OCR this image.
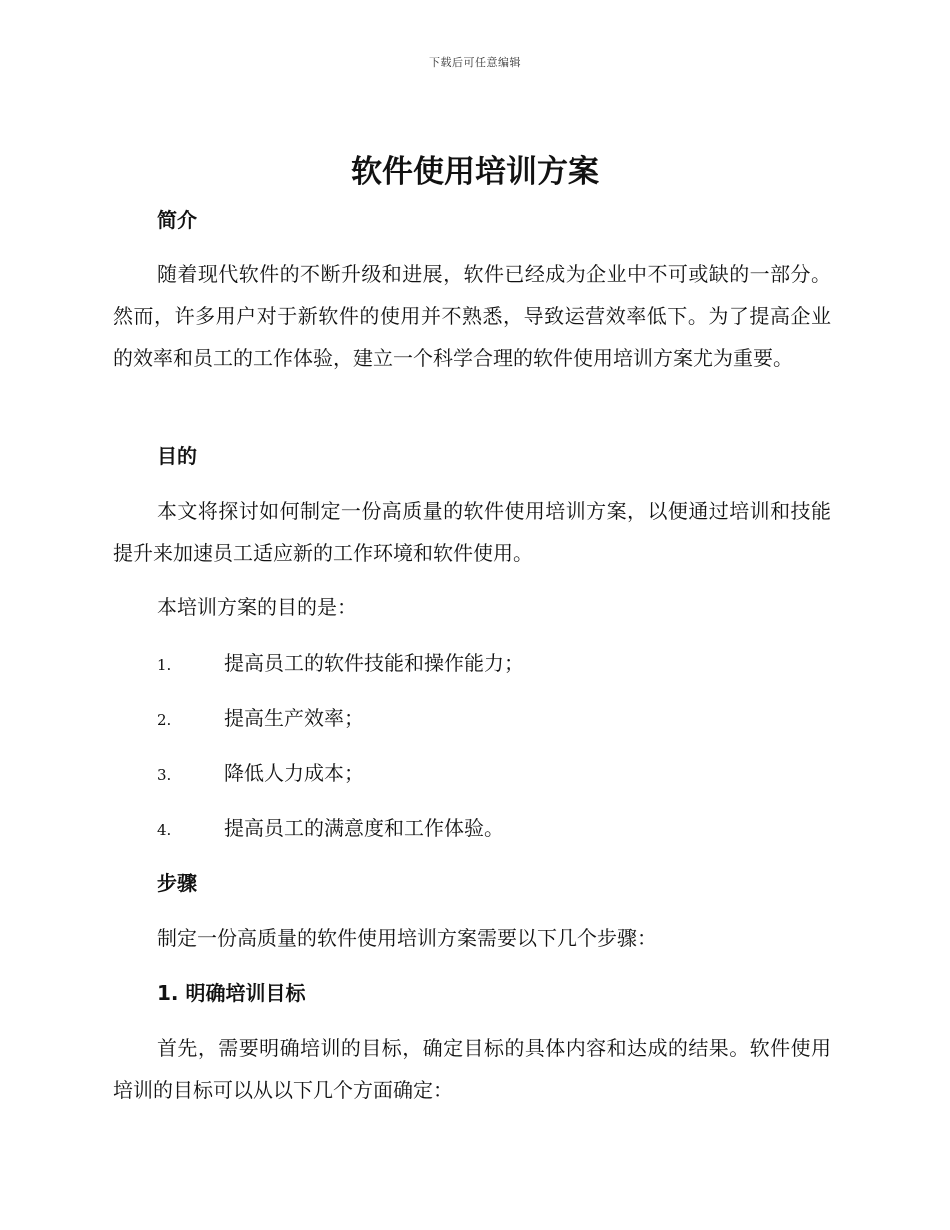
下载后可任意编辑
软件使用培训方案
简介

随着现代软件的不断升级和进展，软件已经成为企业中不可或缺的一部分。然而，许多用户对于新软件的使用并不熟悉，导致运营效率低下。为了提高企业的效率和员工的工作体验，建立一个科学合理的软件使用培训方案尤为重要。

目的

本文将探讨如何制定一份高质量的软件使用培训方案，以便通过培训和技能提升来加速员工适应新的工作环境和软件使用。

本培训方案的目的是：

1.	提高员工的软件技能和操作能力；
2.	提高生产效率；
3.	降低人力成本；
4.	提高员工的满意度和工作体验。
步骤

制定一份高质量的软件使用培训方案需要以下几个步骤：

1. 明确培训目标

首先，需要明确培训的目标，确定目标的具体内容和达成的结果。软件使用培训的目标可以从以下几个方面确定：
